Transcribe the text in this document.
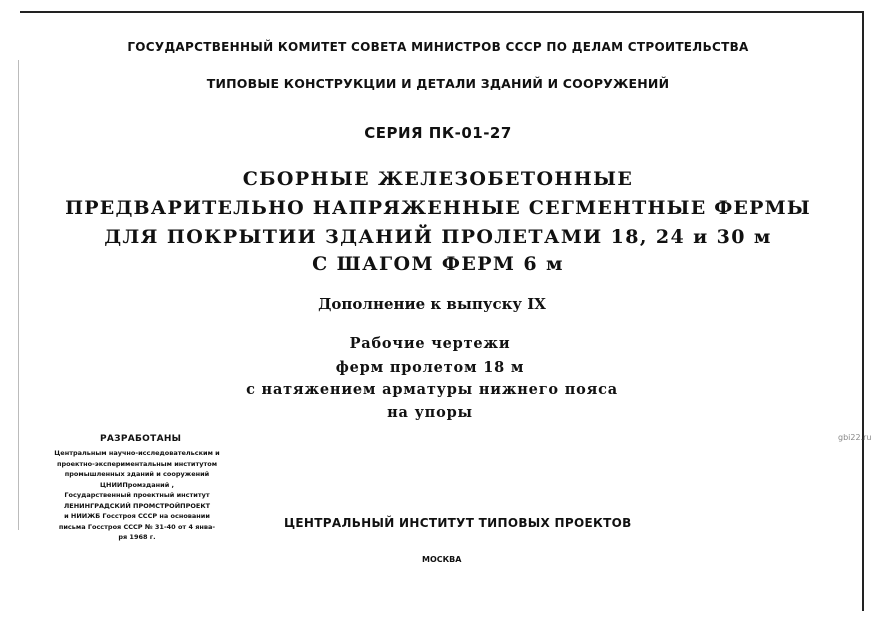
ГОСУДАРСТВЕННЫЙ КОМИТЕТ СОВЕТА МИНИСТРОВ СССР ПО ДЕЛАМ СТРОИТЕЛЬСТВА
ТИПОВЫЕ КОНСТРУКЦИИ И ДЕТАЛИ ЗДАНИЙ И СООРУЖЕНИЙ
СЕРИЯ ПК-01-27
СБОРНЫЕ ЖЕЛЕЗОБЕТОННЫЕ
ПРЕДВАРИТЕЛЬНО НАПРЯЖЕННЫЕ СЕГМЕНТНЫЕ ФЕРМЫ
ДЛЯ ПОКРЫТИИ ЗДАНИЙ ПРОЛЕТАМИ 18, 24 и 30 м
С ШАГОМ ФЕРМ 6 м
Дополнение к выпуску IX
Рабочие чертежи
ферм пролетом 18 м
с натяжением арматуры нижнего пояса
на упоры
РАЗРАБОТАНЫ
Центральным научно-исследовательским и
проектно-экспериментальным институтом
промышленных зданий и сооружений
ЦНИИПромзданий ,
Государственный проектный институт
ЛЕНИНГРАДСКИЙ ПРОМСТРОЙПРОЕКТ
и НИИЖБ Госстроя СССР на основании
письма Госстроя СССР № 31-40 от 4 янва-
ря 1968 г.
ЦЕНТРАЛЬНЫЙ ИНСТИТУТ ТИПОВЫХ ПРОЕКТОВ
МОСКВА
gbi22.ru
